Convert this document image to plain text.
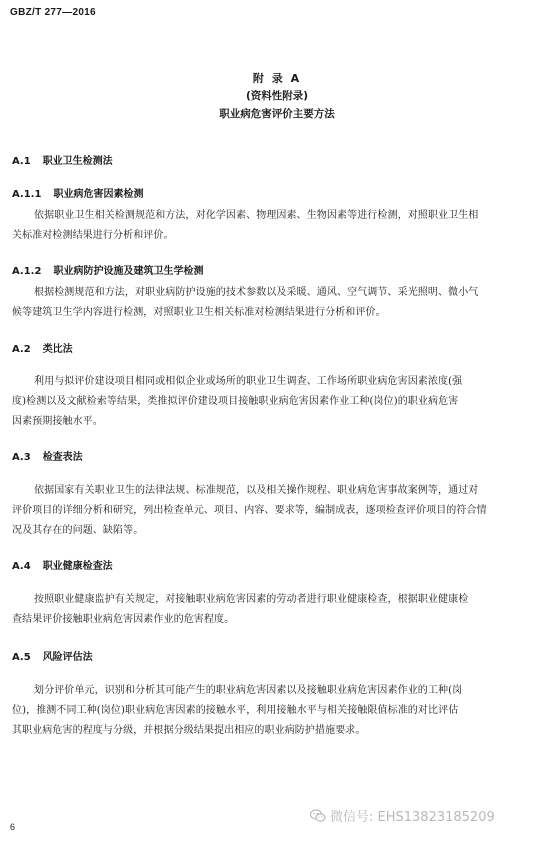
GBZ/T 277—2016
附 录 A
(资料性附录)
职业病危害评价主要方法
A.1 职业卫生检测法
A.1.1 职业病危害因素检测
依据职业卫生相关检测规范和方法，对化学因素、物理因素、生物因素等进行检测，对照职业卫生相
关标准对检测结果进行分析和评价。
A.1.2 职业病防护设施及建筑卫生学检测
根据检测规范和方法，对职业病防护设施的技术参数以及采暖、通风、空气调节、采光照明、微小气
候等建筑卫生学内容进行检测，对照职业卫生相关标准对检测结果进行分析和评价。
A.2 类比法
利用与拟评价建设项目相同或相似企业或场所的职业卫生调查、工作场所职业病危害因素浓度(强
度)检测以及文献检索等结果，类推拟评价建设项目接触职业病危害因素作业工种(岗位)的职业病危害
因素预期接触水平。
A.3 检查表法
依据国家有关职业卫生的法律法规、标准规范，以及相关操作规程、职业病危害事故案例等，通过对
评价项目的详细分析和研究，列出检查单元、项目、内容、要求等，编制成表，逐项检查评价项目的符合情
况及其存在的问题、缺陷等。
A.4 职业健康检查法
按照职业健康监护有关规定，对接触职业病危害因素的劳动者进行职业健康检查，根据职业健康检
查结果评价接触职业病危害因素作业的危害程度。
A.5 风险评估法
划分评价单元，识别和分析其可能产生的职业病危害因素以及接触职业病危害因素作业的工种(岗
位)，推测不同工种(岗位)职业病危害因素的接触水平，利用接触水平与相关接触限值标准的对比评估
其职业病危害的程度与分级，并根据分级结果提出相应的职业病防护措施要求。
微信号: EHS13823185209
6
